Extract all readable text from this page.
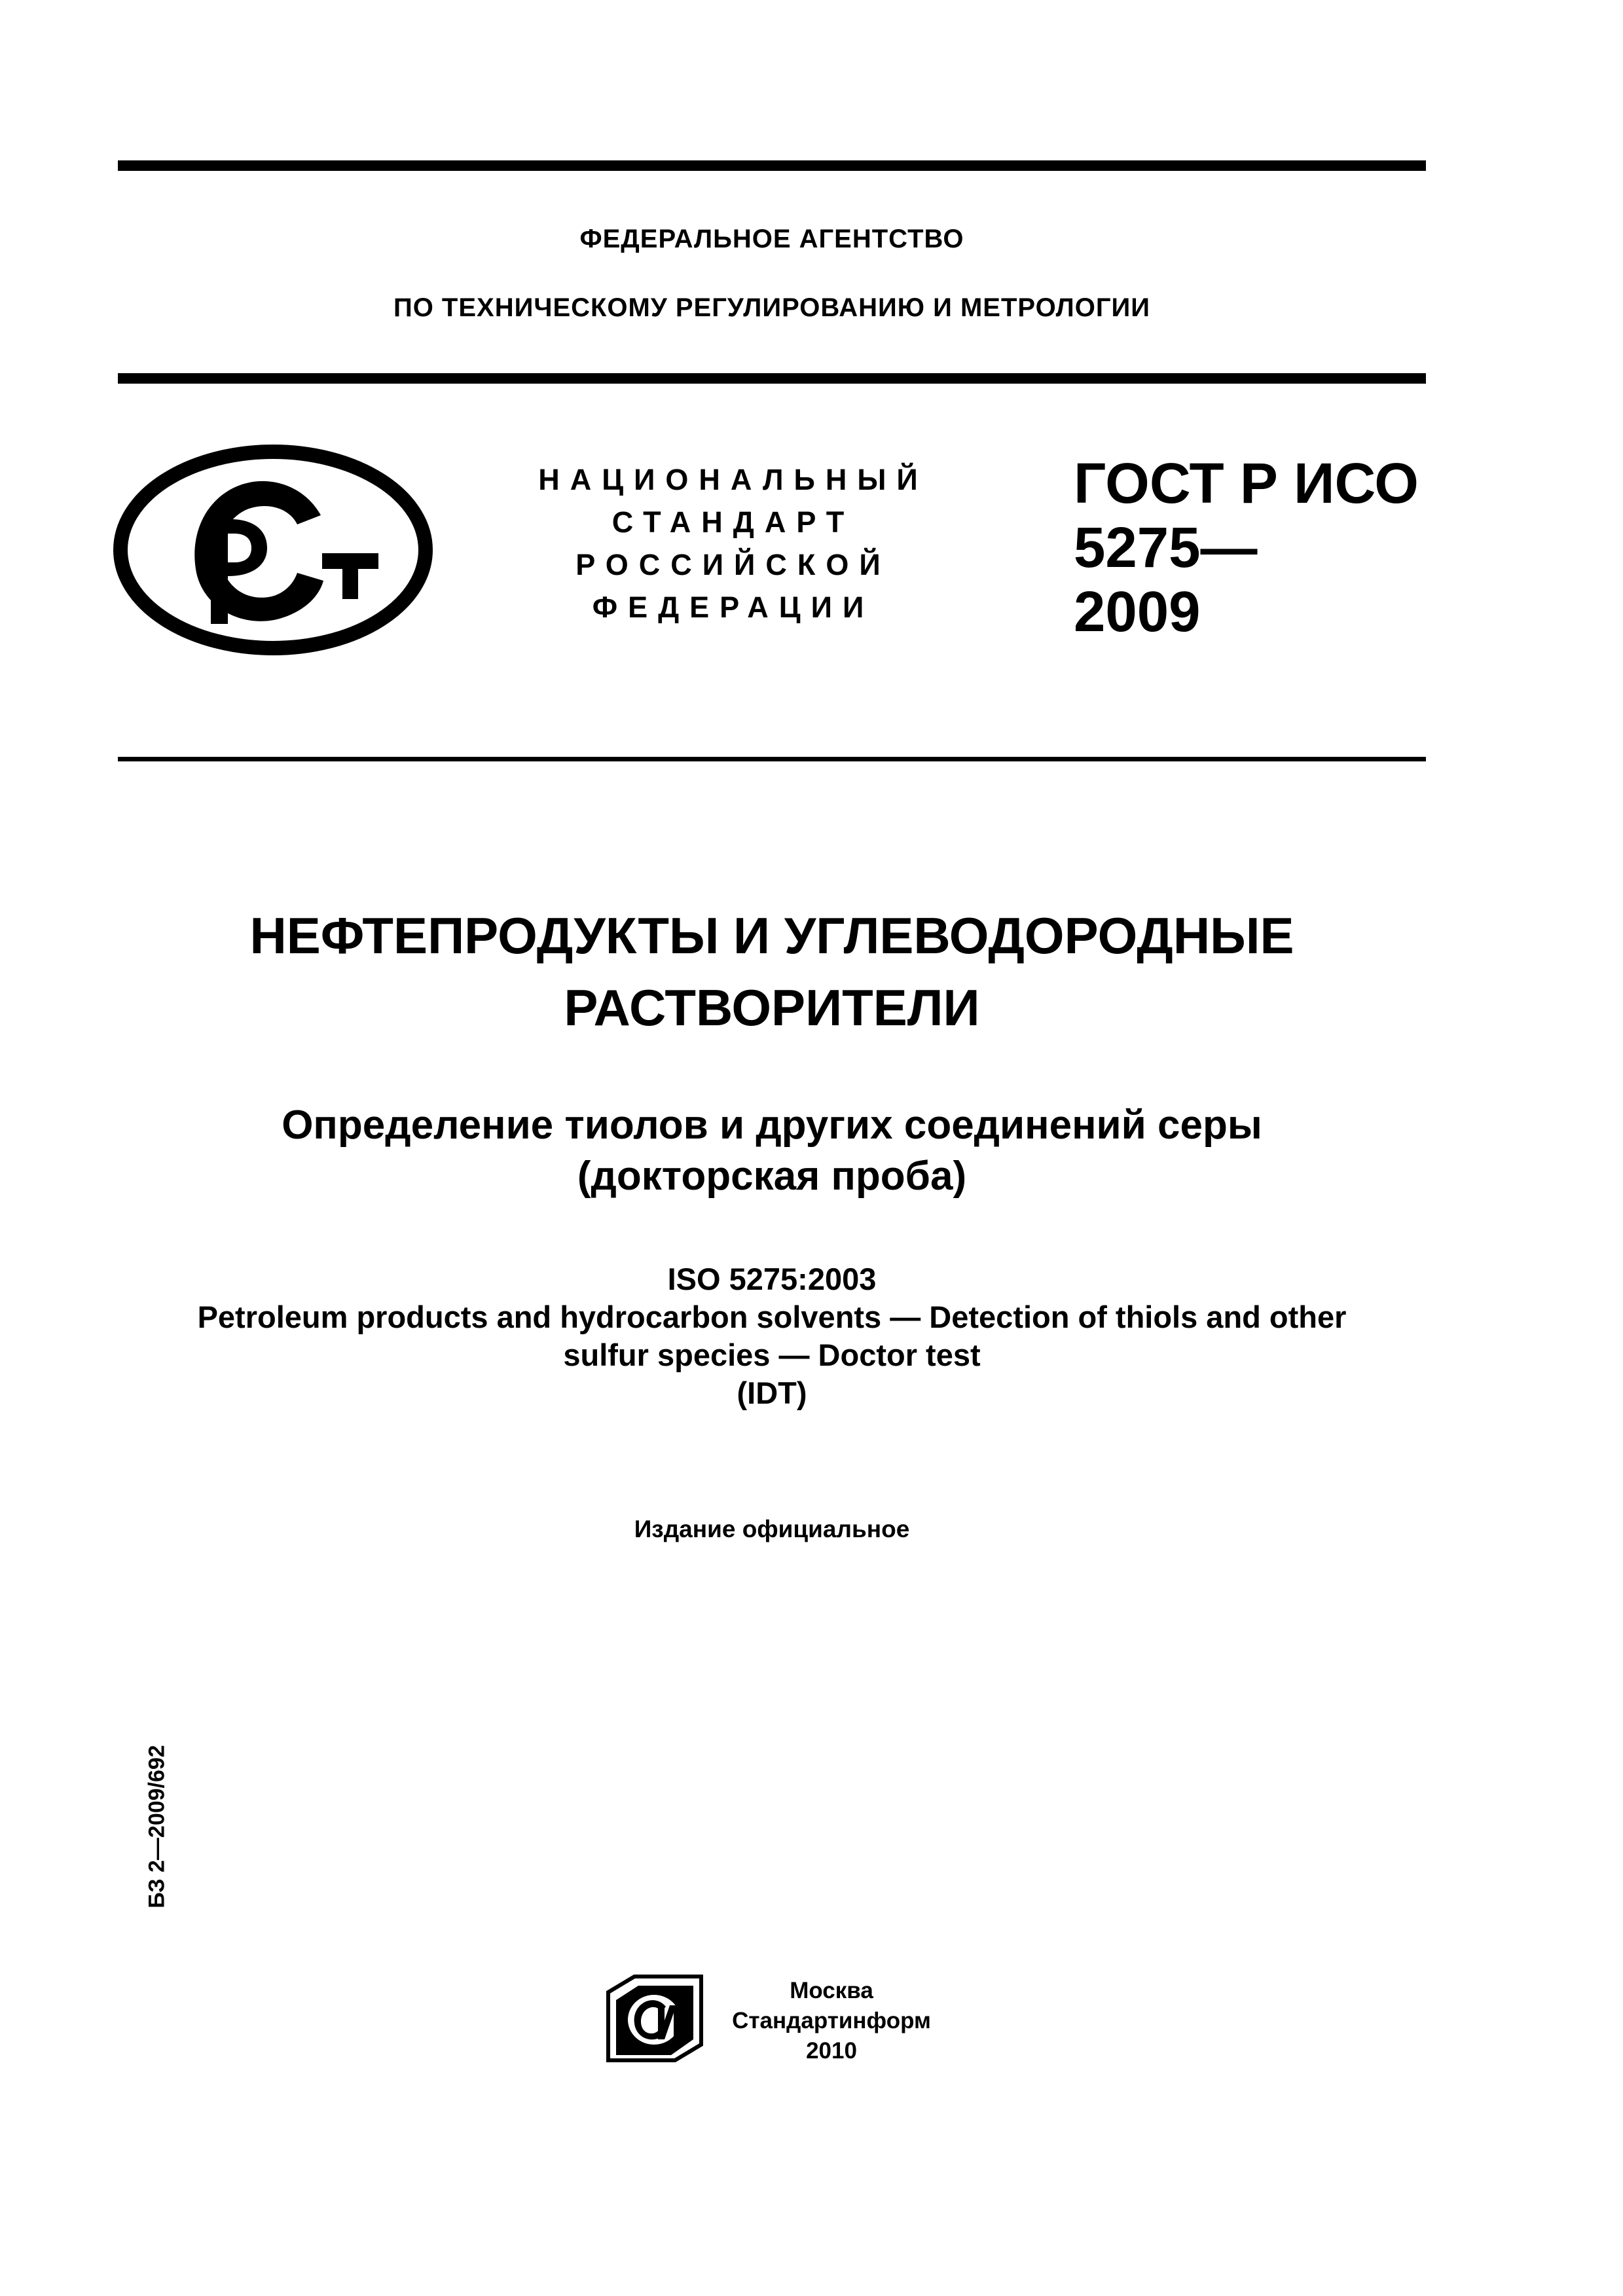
ФЕДЕРАЛЬНОЕ АГЕНТСТВО
ПО ТЕХНИЧЕСКОМУ РЕГУЛИРОВАНИЮ И МЕТРОЛОГИИ
НАЦИОНАЛЬНЫЙ
СТАНДАРТ
РОССИЙСКОЙ
ФЕДЕРАЦИИ
ГОСТ Р ИСО
5275—
2009
НЕФТЕПРОДУКТЫ И УГЛЕВОДОРОДНЫЕ
РАСТВОРИТЕЛИ
Определение тиолов и других соединений серы
(докторская проба)
ISO 5275:2003
Petroleum products and hydrocarbon solvents — Detection of thiols and other
sulfur species — Doctor test
(IDT)
Издание официальное
БЗ 2—2009/692
Москва
Стандартинформ
2010
